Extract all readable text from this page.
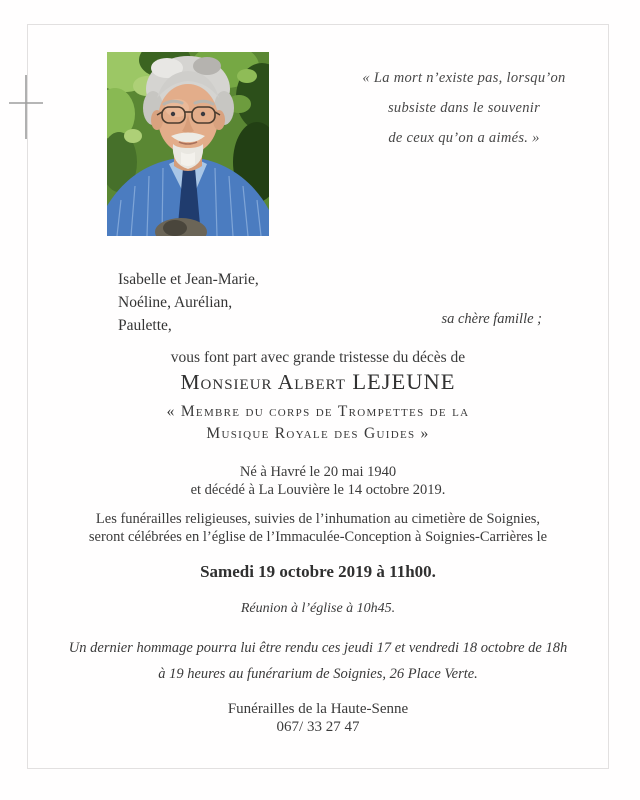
« La mort n’existe pas, lorsqu’on
subsiste dans le souvenir
de ceux qu’on a aimés. »
Isabelle et Jean-Marie,
Noéline, Aurélian,
Paulette,	sa chère famille ;
vous font part avec grande tristesse du décès de
Monsieur Albert LEJEUNE
« Membre du corps de Trompettes de la
Musique Royale des Guides »
Né à Havré le 20 mai 1940
et décédé à La Louvière le 14 octobre 2019.
Les funérailles religieuses, suivies de l’inhumation au cimetière de Soignies,
seront célébrées en l’église de l’Immaculée-Conception à Soignies-Carrières le
Samedi 19 octobre 2019 à 11h00.
Réunion à l’église à 10h45.
Un dernier hommage pourra lui être rendu ces jeudi 17 et vendredi 18 octobre de 18h
à 19 heures au funérarium de Soignies, 26 Place Verte.
Funérailles de la Haute-Senne
067/ 33 27 47
